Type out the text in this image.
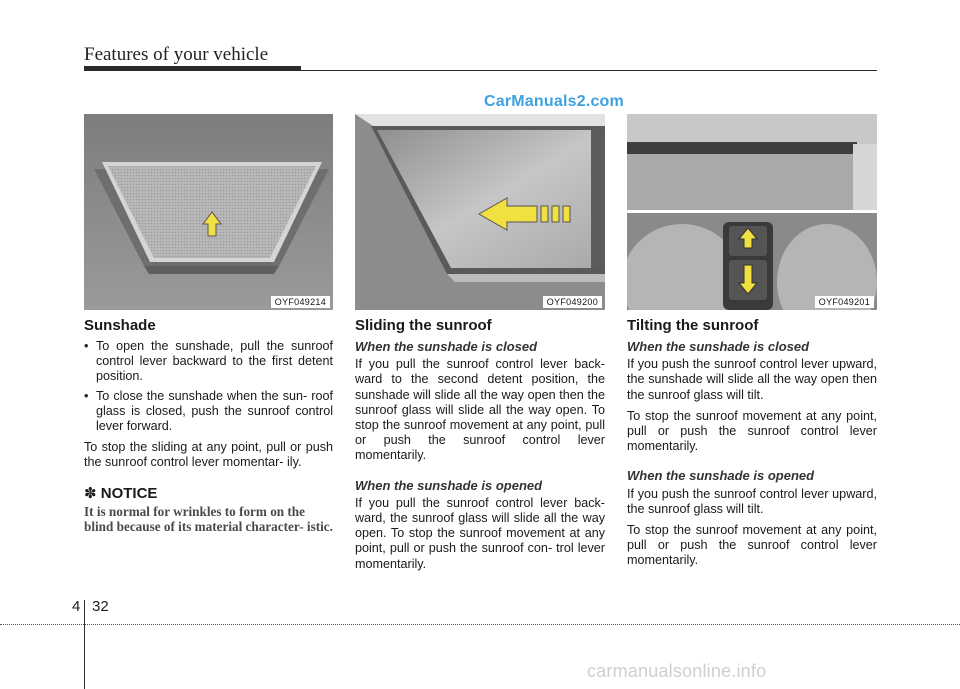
Features of your vehicle
CarManuals2.com
OYF049214	OYF049200	OYF049201
Sunshade
• To open the sunshade, pull the sunroof control lever backward to the first detent position.
• To close the sunshade when the sun- roof glass is closed, push the sunroof control lever forward.

To stop the sliding at any point, pull or push the sunroof control lever momentar- ily.

✽ NOTICE
It is normal for wrinkles to form on the blind because of its material character- istic.
Sliding the sunroof
When the sunshade is closed

If you pull the sunroof control lever back- ward to the second detent position, the sunshade will slide all the way open then the sunroof glass will slide all the way open. To stop the sunroof movement at any point, pull or push the sunroof control lever momentarily.

When the sunshade is opened

If you pull the sunroof control lever back- ward, the sunroof glass will slide all the way open. To stop the sunroof movement at any point, pull or push the sunroof con- trol lever momentarily.

Tilting the sunroof
When the sunshade is closed

If you push the sunroof control lever upward, the sunshade will slide all the way open then the sunroof glass will tilt.

To stop the sunroof movement at any point, pull or push the sunroof control lever momentarily.

When the sunshade is opened

If you push the sunroof control lever upward, the sunroof glass will tilt.

To stop the sunroof movement at any point, pull or push the sunroof control lever momentarily.

4 32
carmanualsonline.info
